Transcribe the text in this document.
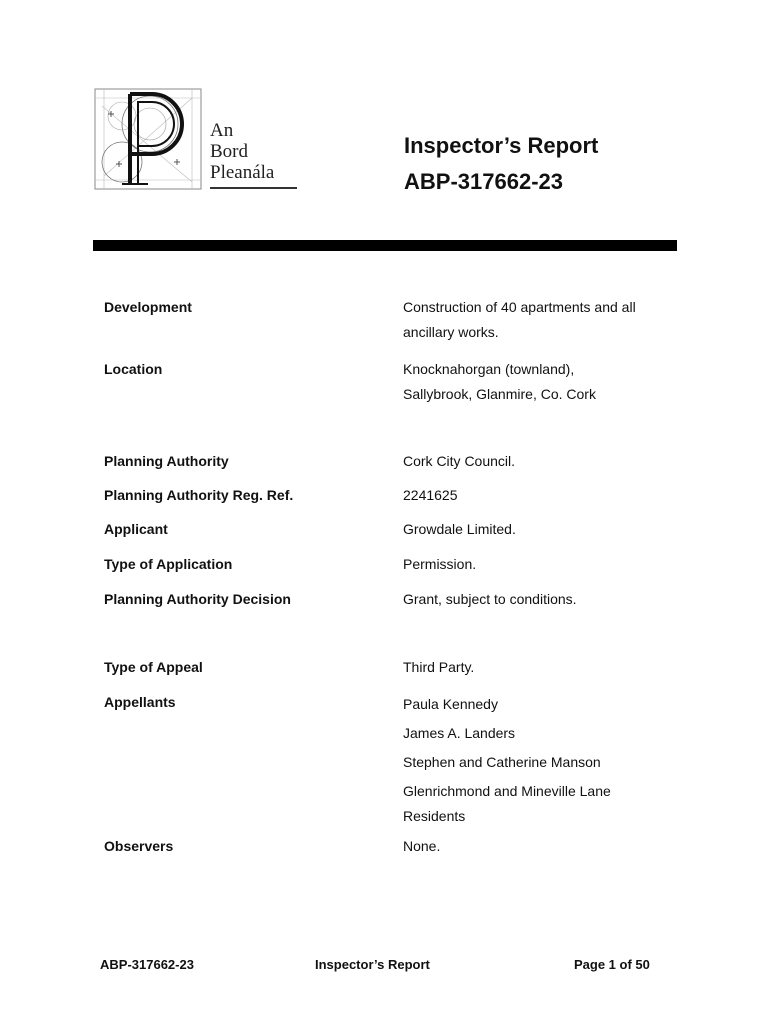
An
Bord
Pleanála
Inspector’s Report
ABP-317662-23
Development	Construction of 40 apartments and all
ancillary works.
Location	Knocknahorgan (townland),
Sallybrook, Glanmire, Co. Cork
Planning Authority	Cork City Council.
Planning Authority Reg. Ref.	2241625
Applicant	Growdale Limited.
Type of Application	Permission.
Planning Authority Decision	Grant, subject to conditions.
Type of Appeal	Third Party.
Appellants	Paula Kennedy
James A. Landers
Stephen and Catherine Manson
Glenrichmond and Mineville Lane
Residents
Observers	None.
ABP-317662-23	Inspector’s Report	Page 1 of 50
